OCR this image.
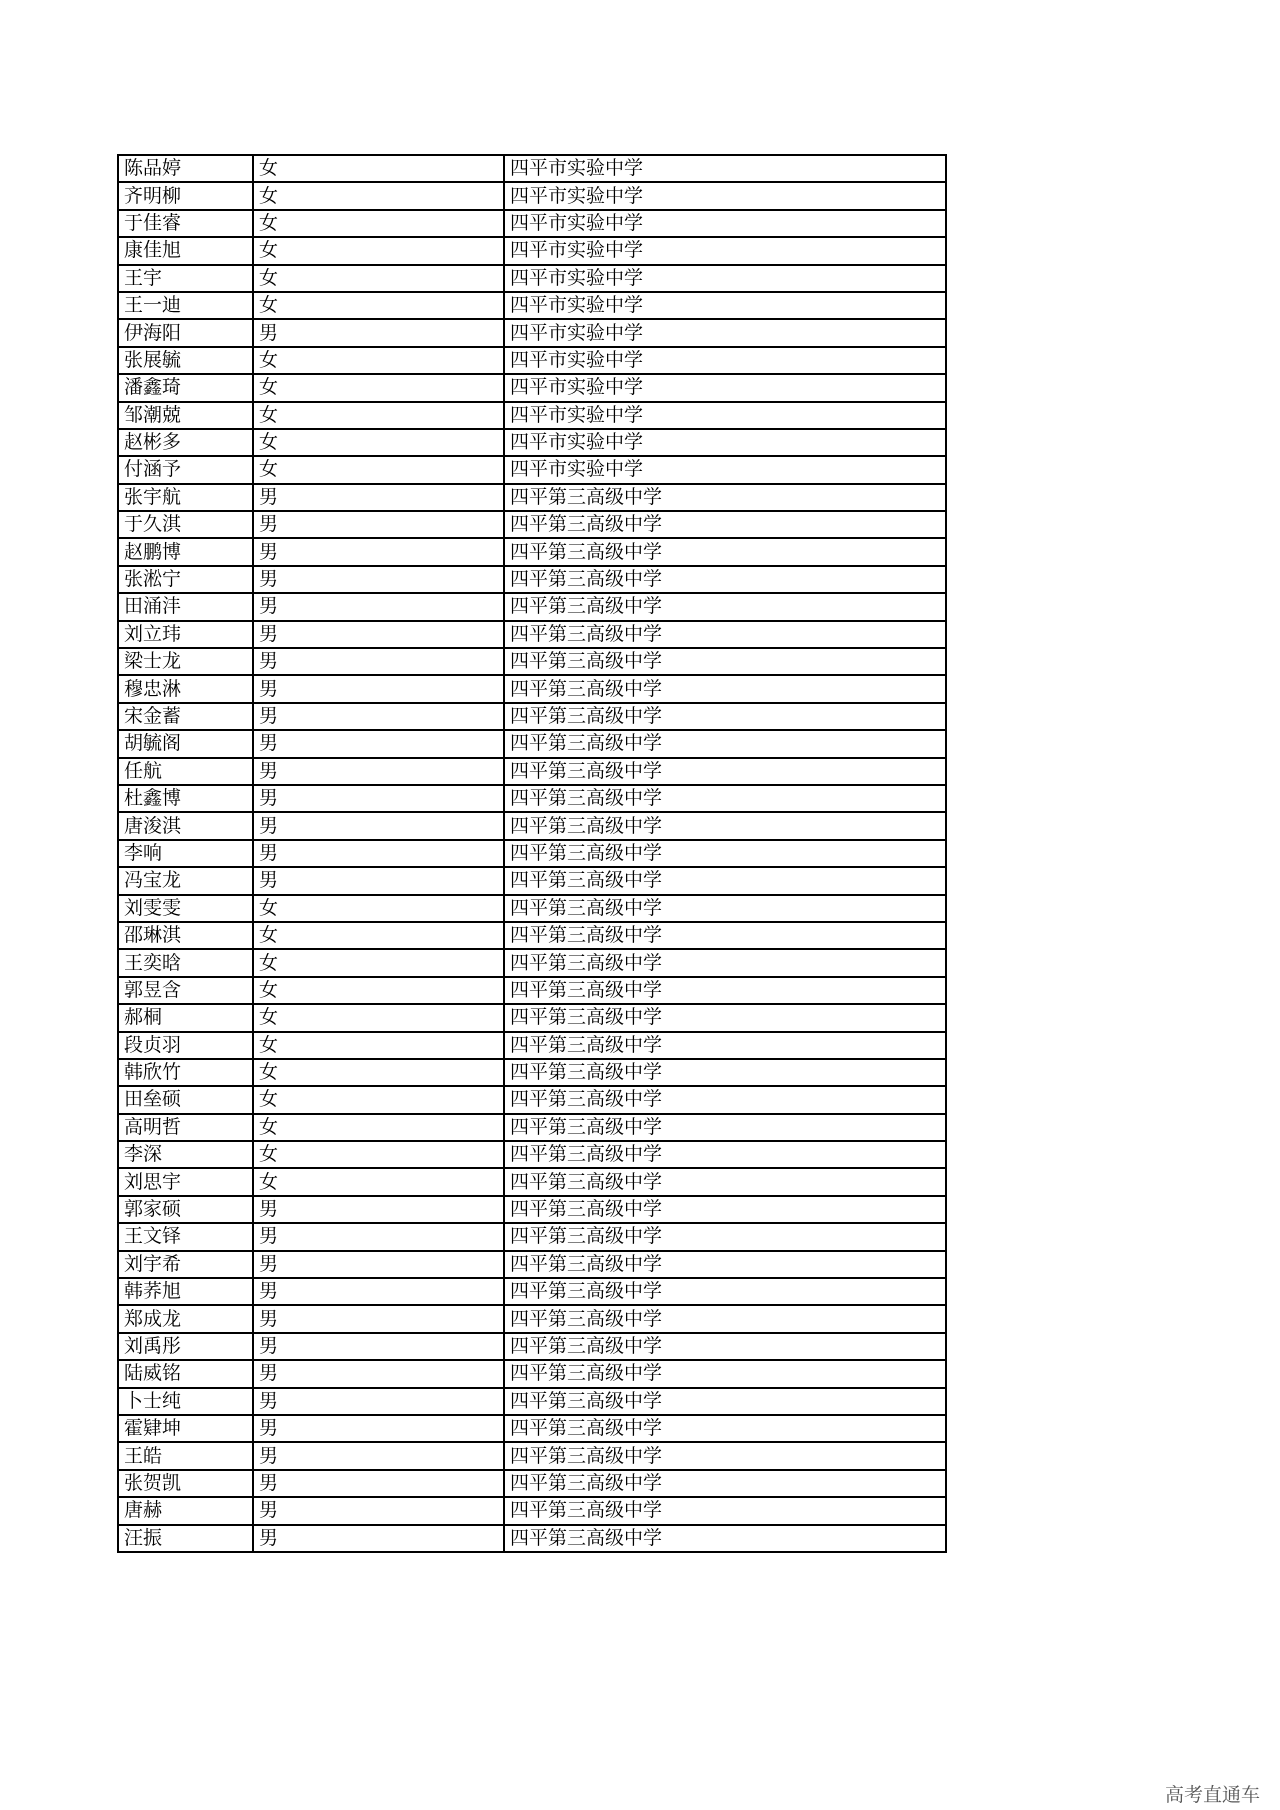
陈品婷	女	四平市实验中学
齐明柳	女	四平市实验中学
于佳睿	女	四平市实验中学
康佳旭	女	四平市实验中学
王宇	女	四平市实验中学
王一迪	女	四平市实验中学
伊海阳	男	四平市实验中学
张展毓	女	四平市实验中学
潘鑫琦	女	四平市实验中学
邹潮兢	女	四平市实验中学
赵彬多	女	四平市实验中学
付涵予	女	四平市实验中学
张宇航	男	四平第三高级中学
于久淇	男	四平第三高级中学
赵鹏博	男	四平第三高级中学
张淞宁	男	四平第三高级中学
田涌沣	男	四平第三高级中学
刘立玮	男	四平第三高级中学
梁士龙	男	四平第三高级中学
穆忠淋	男	四平第三高级中学
宋金蓄	男	四平第三高级中学
胡毓阁	男	四平第三高级中学
任航	男	四平第三高级中学
杜鑫博	男	四平第三高级中学
唐浚淇	男	四平第三高级中学
李响	男	四平第三高级中学
冯宝龙	男	四平第三高级中学
刘雯雯	女	四平第三高级中学
邵琳淇	女	四平第三高级中学
王奕晗	女	四平第三高级中学
郭昱含	女	四平第三高级中学
郝桐	女	四平第三高级中学
段贞羽	女	四平第三高级中学
韩欣竹	女	四平第三高级中学
田垒硕	女	四平第三高级中学
高明哲	女	四平第三高级中学
李深	女	四平第三高级中学
刘思宇	女	四平第三高级中学
郭家硕	男	四平第三高级中学
王文铎	男	四平第三高级中学
刘宇希	男	四平第三高级中学
韩荞旭	男	四平第三高级中学
郑成龙	男	四平第三高级中学
刘禹彤	男	四平第三高级中学
陆威铭	男	四平第三高级中学
卜士纯	男	四平第三高级中学
霍肄坤	男	四平第三高级中学
王皓	男	四平第三高级中学
张贺凯	男	四平第三高级中学
唐赫	男	四平第三高级中学
汪振	男	四平第三高级中学
高考直通车
